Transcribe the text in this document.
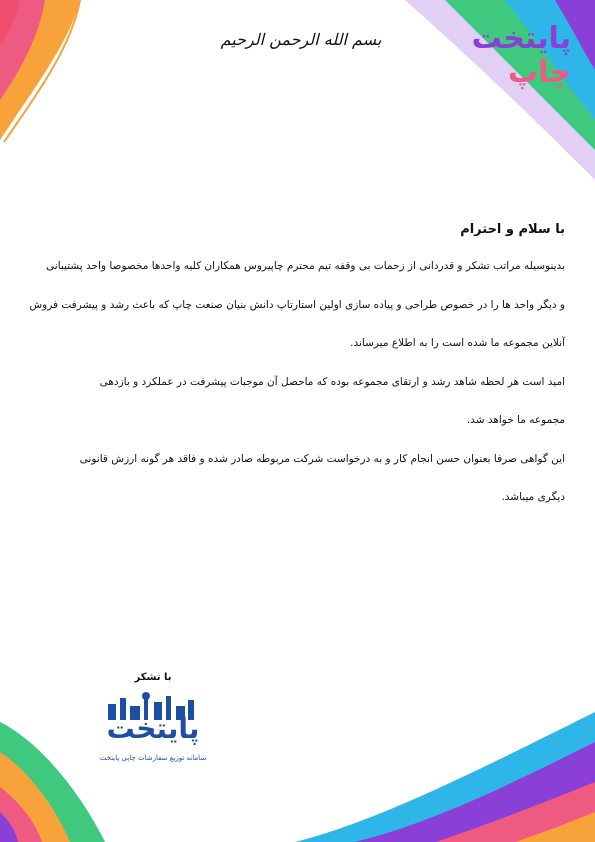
بسم الله الرحمن الرحیم	پایتخت
چاپ

با سلام و احترام

بدینوسیله مراتب تشکر و قدردانی از زحمات بی وقفه تیم محترم چاپیروس همکاران کلیه واحدها مخصوصا واحد پشتیبانی

و دیگر واحد ها را در خصوص طراحی و پیاده سازی اولین استارتاپ دانش بنیان صنعت چاپ که باعث رشد و پیشرفت فروش

آنلاین مجموعه ما شده است را به اطلاع میرساند.

امید است هر لحظه شاهد رشد و ارتقای مجموعه بوده که ماحصل آن موجبات پیشرفت در عملکرد و بازدهی

مجموعه ما خواهد شد.

این گواهی صرفا بعنوان حسن انجام کار و به درخواست شرکت مربوطه صادر شده و فاقد هر گونه ارزش قانونی

دیگری میباشد.

با تشکر
پایتخت
سامانه توزیع سفارشات چاپی پایتخت
